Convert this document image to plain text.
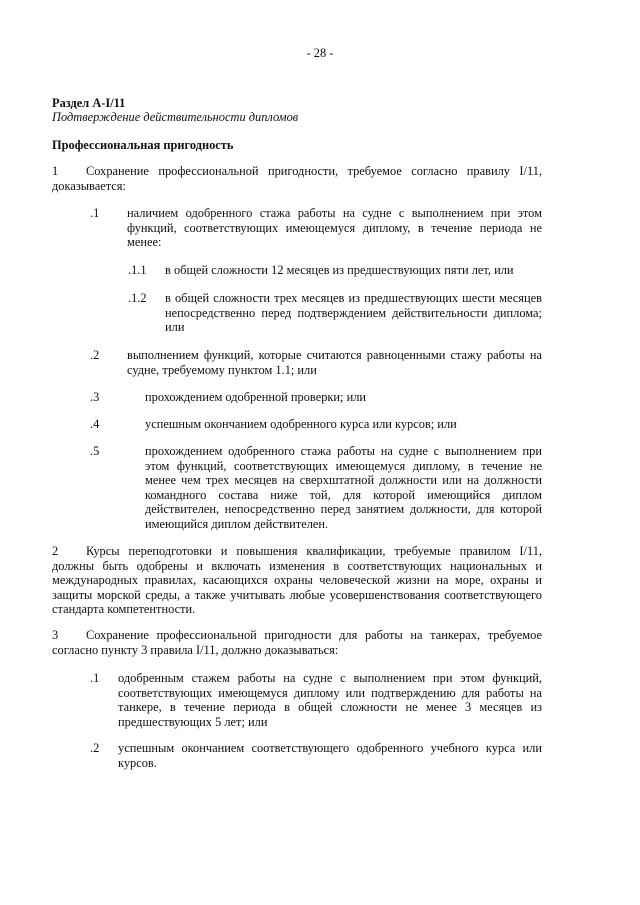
- 28 -
Раздел A-I/11
Подтверждение действительности дипломов
Профессиональная пригодность
1 Сохранение профессиональной пригодности, требуемое согласно правилу I/11, доказывается:
.1 наличием одобренного стажа работы на судне с выполнением при этом функций, соответствующих имеющемуся диплому, в течение периода не менее:
.1.1 в общей сложности 12 месяцев из предшествующих пяти лет, или
.1.2 в общей сложности трех месяцев из предшествующих шести месяцев непосредственно перед подтверждением действительности диплома; или
.2 выполнением функций, которые считаются равноценными стажу работы на судне, требуемому пунктом 1.1; или
.3	прохождением одобренной проверки; или
.4	успешным окончанием одобренного курса или курсов; или
.5	прохождением одобренного стажа работы на судне с выполнением при этом функций, соответствующих имеющемуся диплому, в течение не менее чем трех месяцев на сверхштатной должности или на должности командного состава ниже той, для которой имеющийся диплом действителен, непосредственно перед занятием должности, для которой имеющийся диплом действителен.
2 Курсы переподготовки и повышения квалификации, требуемые правилом I/11, должны быть одобрены и включать изменения в соответствующих национальных и международных правилах, касающихся охраны человеческой жизни на море, охраны и защиты морской среды, а также учитывать любые усовершенствования соответствующего стандарта компетентности.
3 Сохранение профессиональной пригодности для работы на танкерах, требуемое согласно пункту 3 правила I/11, должно доказываться:
.1 одобренным стажем работы на судне с выполнением при этом функций, соответствующих имеющемуся диплому или подтверждению для работы на танкере, в течение периода в общей сложности не менее 3 месяцев из предшествующих 5 лет; или
.2 успешным окончанием соответствующего одобренного учебного курса или курсов.
